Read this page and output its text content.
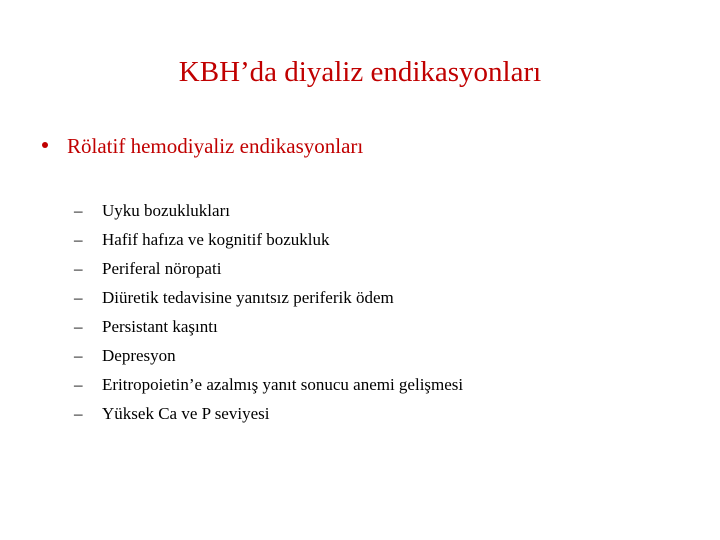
KBH’da diyaliz endikasyonları
Rölatif hemodiyaliz endikasyonları
–	Uyku bozuklukları
–	Hafif hafıza ve kognitif bozukluk
–	Periferal nöropati
–	Diüretik tedavisine yanıtsız periferik ödem
–	Persistant kaşıntı
–	Depresyon
–	Eritropoietin’e azalmış yanıt sonucu anemi gelişmesi
–	Yüksek Ca ve P seviyesi
